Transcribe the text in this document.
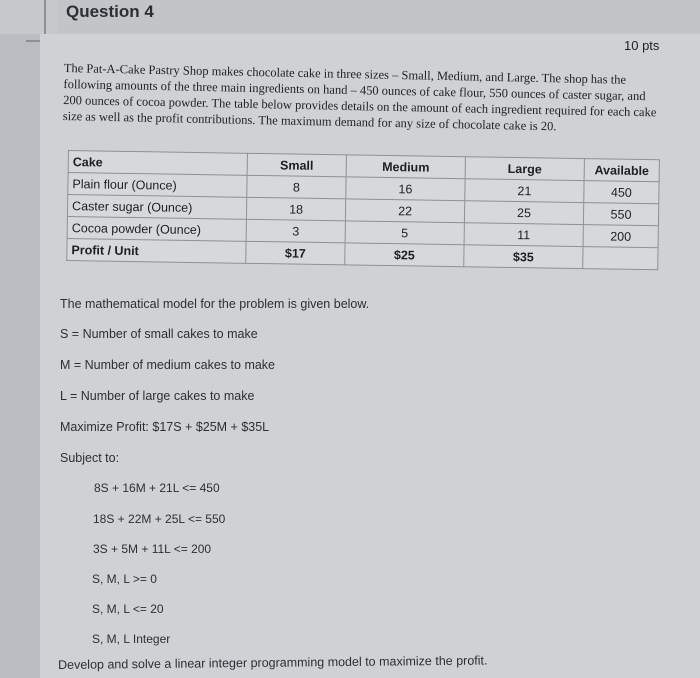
Question 4
10 pts
The Pat-A-Cake Pastry Shop makes chocolate cake in three sizes – Small, Medium, and Large. The shop has the following amounts of the three main ingredients on hand – 450 ounces of cake flour, 550 ounces of caster sugar, and 200 ounces of cocoa powder. The table below provides details on the amount of each ingredient required for each cake size as well as the profit contributions. The maximum demand for any size of chocolate cake is 20.
Cake	Small	Medium	Large	Available
Plain flour (Ounce)	8	16	21	450
Caster sugar (Ounce)	18	22	25	550
Cocoa powder (Ounce)	3	5	11	200
Profit / Unit	$17	$25	$35	
The mathematical model for the problem is given below.
S = Number of small cakes to make
M = Number of medium cakes to make
L = Number of large cakes to make
Maximize Profit: $17S + $25M + $35L
Subject to:
8S + 16M + 21L <= 450
18S + 22M + 25L <= 550
3S + 5M + 11L <= 200
S, M, L >= 0
S, M, L <= 20
S, M, L Integer
Develop and solve a linear integer programming model to maximize the profit.
